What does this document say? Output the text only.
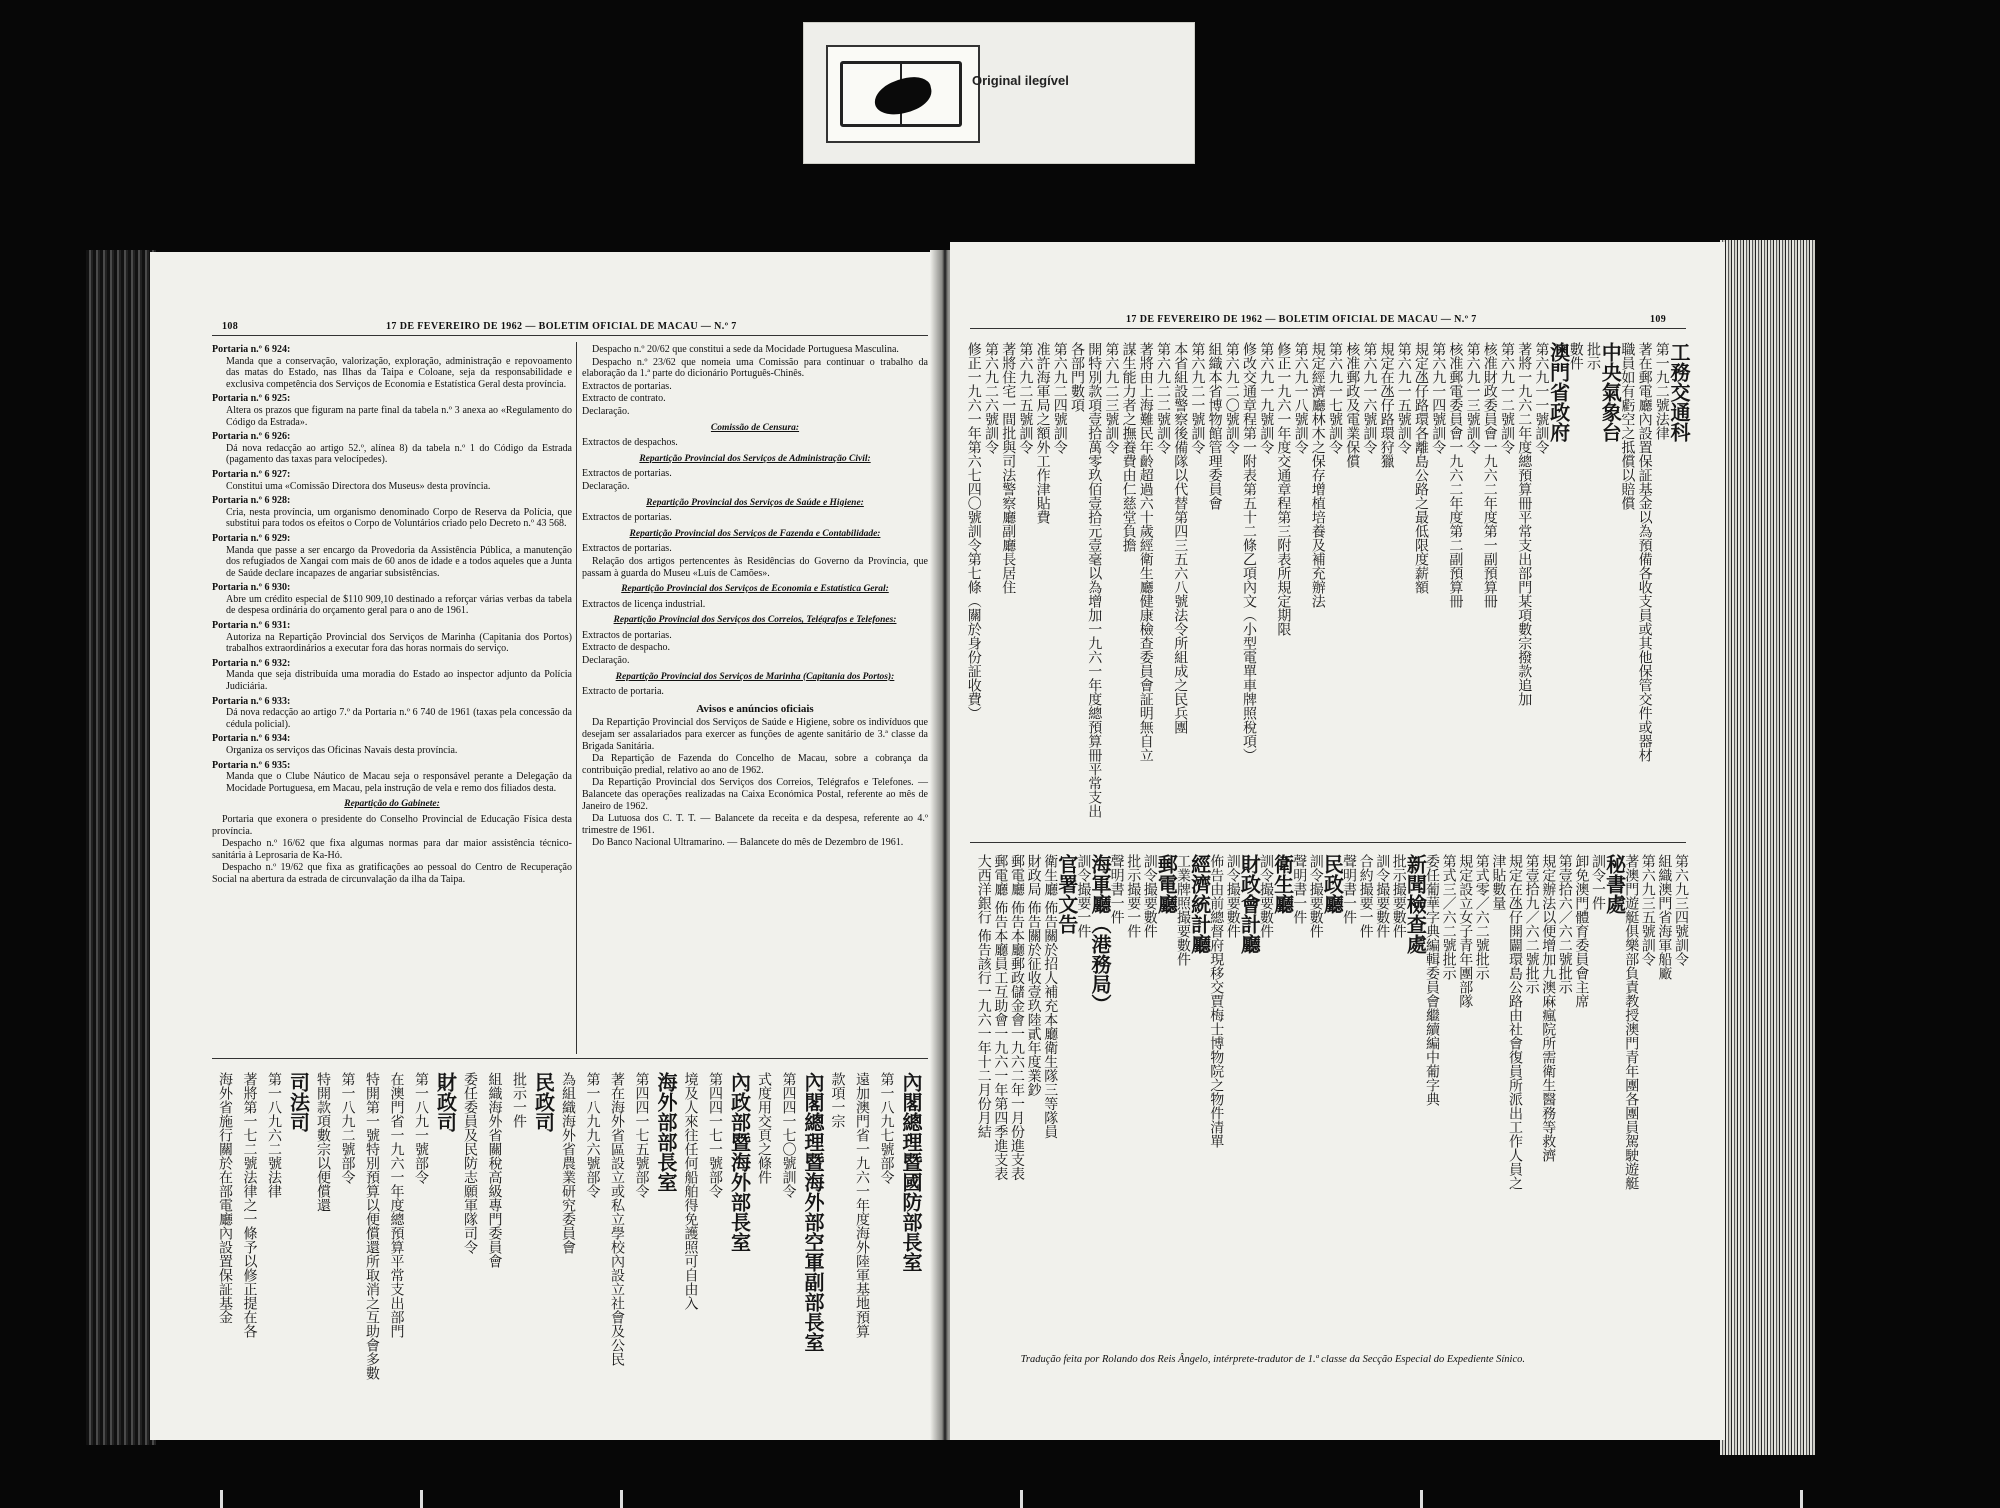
Original ilegível
108	17 DE FEVEREIRO DE 1962 — BOLETIM OFICIAL DE MACAU — N.º 7
Portaria n.º 6 924:
Manda que a conservação, valorização, exploração, administração e repovoamento das matas do Estado, nas Ilhas da Taipa e Coloane, seja da responsabilidade e exclusiva competência dos Serviços de Economia e Estatística Geral desta província.
Portaria n.º 6 925:
Altera os prazos que figuram na parte final da tabela n.º 3 anexa ao «Regulamento do Código da Estrada».
Portaria n.º 6 926:
Dá nova redacção ao artigo 52.º, alínea 8) da tabela n.º 1 do Código da Estrada (pagamento das taxas para velocípedes).
Portaria n.º 6 927:
Constitui uma «Comissão Directora dos Museus» desta província.
Portaria n.º 6 928:
Cria, nesta província, um organismo denominado Corpo de Reserva da Polícia, que substitui para todos os efeitos o Corpo de Voluntários criado pelo Decreto n.º 43 568.
Portaria n.º 6 929:
Manda que passe a ser encargo da Provedoria da Assistência Pública, a manutenção dos refugiados de Xangai com mais de 60 anos de idade e a todos aqueles que a Junta de Saúde declare incapazes de angariar subsistências.
Portaria n.º 6 930:
Abre um crédito especial de $110 909,10 destinado a reforçar várias verbas da tabela de despesa ordinária do orçamento geral para o ano de 1961.
Portaria n.º 6 931:
Autoriza na Repartição Provincial dos Serviços de Marinha (Capitania dos Portos) trabalhos extraordinários a executar fora das horas normais do serviço.
Portaria n.º 6 932:
Manda que seja distribuída uma moradia do Estado ao inspector adjunto da Polícia Judiciária.
Portaria n.º 6 933:
Dá nova redacção ao artigo 7.º da Portaria n.º 6 740 de 1961 (taxas pela concessão da cédula policial).
Portaria n.º 6 934:
Organiza os serviços das Oficinas Navais desta província.
Portaria n.º 6 935:
Manda que o Clube Náutico de Macau seja o responsável perante a Delegação da Mocidade Portuguesa, em Macau, pela instrução de vela e remo dos filiados desta.
Repartição do Gabinete:
Portaria que exonera o presidente do Conselho Provincial de Educação Física desta província.
Despacho n.º 16/62 que fixa algumas normas para dar maior assistência técnico-sanitária à Leprosaria de Ka-Hó.
Despacho n.º 19/62 que fixa as gratificações ao pessoal do Centro de Recuperação Social na abertura da estrada de circunvalação da ilha da Taipa.
Despacho n.º 20/62 que constitui a sede da Mocidade Portuguesa Masculina.
Despacho n.º 23/62 que nomeia uma Comissão para continuar o trabalho da elaboração da 1.ª parte do dicionário Português-Chinês.
Extractos de portarias.
Extracto de contrato.
Declaração.
Comissão de Censura:
Extractos de despachos.
Repartição Provincial dos Serviços de Administração Civil:
Extractos de portarias.
Declaração.
Repartição Provincial dos Serviços de Saúde e Higiene:
Extractos de portarias.
Repartição Provincial dos Serviços de Fazenda e Contabilidade:
Extractos de portarias.
Relação dos artigos pertencentes às Residências do Governo da Província, que passam à guarda do Museu «Luís de Camões».
Repartição Provincial dos Serviços de Economia e Estatística Geral:
Extractos de licença industrial.
Repartição Provincial dos Serviços dos Correios, Telégrafos e Telefones:
Extractos de portarias.
Extracto de despacho.
Declaração.
Repartição Provincial dos Serviços de Marinha (Capitania dos Portos):
Extracto de portaria.
Avisos e anúncios oficiais
Da Repartição Provincial dos Serviços de Saúde e Higiene, sobre os indivíduos que desejam ser assalariados para exercer as funções de agente sanitário de 3.ª classe da Brigada Sanitária.
Da Repartição de Fazenda do Concelho de Macau, sobre a cobrança da contribuição predial, relativo ao ano de 1962.
Da Repartição Provincial dos Serviços dos Correios, Telégrafos e Telefones. — Balancete das operações realizadas na Caixa Económica Postal, referente ao mês de Janeiro de 1962.
Da Lutuosa dos C. T. T. — Balancete da receita e da despesa, referente ao 4.º trimestre de 1961.
Do Banco Nacional Ultramarino. — Balancete do mês de Dezembro de 1961.
內閣總理暨國防部長室
第一八九七號部令
遠加澳門省一九六一年度海外陸軍基地預算
款項一宗
內閣總理暨海外部空軍副部長室
第四四一七〇號訓令
式度用交頁之條件
內政部暨海外部長室
第四四一七一號部令
境及人來往任何船舶得免護照可自由入
海外部部長室
第四四一七五號部令
著在海外省區設立或私立學校內設立社會及公民
第一八九九六號部令
為組織海外省農業研究委員會
民政司
批示一件
組織海外省關稅高級專門委員會
委任委員及民防志願軍隊司令
財政司
第一八九一號部令
在澳門省一九六一年度總預算平常支出部門
特開第一號特別預算以便償還所取消之互助會多數
第一八九二號部令
特開款項數宗以便償還
司法司
第一八九六二號法律
著將第一七二號法律之一條予以修正提在各
海外省施行關於在部電廳內設置保証基金
17 DE FEVEREIRO DE 1962 — BOLETIM OFICIAL DE MACAU — N.º 7	109
工務交通科
第一九二號法律
著在郵電廳內設置保証基金以為預備各收支員或其他保管交件或器材
職員如有虧空之抵償以賠償
中央氣象台
批示
數件
澳門省政府
第六九一一號訓令
著將一九六二年度總預算冊平常支出部門某項數宗撥款追加
第六九一二號訓令
核准財政委員會一九六二年度第一副預算冊
第六九一三號訓令
核准郵電委員會一九六二年度第二副預算冊
第六九一四號訓令
規定氹仔路環各離島公路之最低限度薪額
第六九一五號訓令
規定在氹仔路環狩獵
第六九一六號訓令
核准郵政及電業保償
第六九一七號訓令
規定經濟廳林木之保存增植培養及補充辦法
第六九一八號訓令
修正一九六一年度交通章程第三附表所規定期限
第六九一九號訓令
修改交通章程第一附表第五十二條乙項內文（小型電單車牌照稅項）
第六九二〇號訓令
組織本省博物館管理委員會
第六九二一號訓令
本省組設警察後備隊以代替第四三五六八號法令所組成之民兵團
第六九二二號訓令
著將由上海難民年齡超過六十歲經衛生廳健康檢查委員會証明無自立
謀生能力者之撫養費由仁慈堂負擔
第六九二三號訓令
開特別款項壹拾萬零玖佰壹拾元壹毫以為增加一九六一年度總預算冊平常支出
各部門數項
第六九二四號訓令
准許海軍局之額外工作津貼費
第六九二五號訓令
著將住宅一間批與司法警察廳副廳長居住
第六九二六號訓令
修正一九六一年第六七四〇號訓令第七條（關於身份証收費）
第六九三四號訓令
組織澳門省海軍船廠
第六九三五號訓令
著澳門遊艇俱樂部負責教授澳門青年團各團員駕駛遊艇
秘書處
訓令一件
卸免澳門體育委員會主席
第壹拾六／六二號批示
規定辦法以便增加九澳麻瘋院所需衛生醫務等救濟
第壹拾九／六二號批示
規定在氹仔開闢環島公路由社會復員所派出工作人員之
津貼數量
第式零／六二號批示
規定設立女子青年團部隊
第式三／六二號批示
委任葡華字典編輯委員會繼續編中葡字典
新聞檢查處
批示撮要數件
訓令撮要數件
合約撮要一件
聲明書一件
民政廳
訓令撮要數件
聲明書一件
衛生廳
訓令撮要數件
財政會計廳
訓令撮要數件
佈告由前總督府現移交賈梅士博物院之物件清單
經濟統計廳
工業牌照撮要數件
郵電廳
訓令撮要數件
批示撮要一件
聲明書一件
海軍廳（港務局）
訓令撮要一件
官署文告
衛生廳 佈告關於招人補充本廳衛生隊三等隊員
財政局 佈告關於征收壹玖陸貳年度業鈔
郵電廳 佈告本廳郵政儲金會一九六二年一月份進支表
郵電廳 佈告本廳員工互助會一九六一年第四季進支表
大西洋銀行 佈告該行一九六一年十二月份月結
Tradução feita por Rolando dos Reis Ângelo, intérprete-tradutor de 1.ª classe da Secção Especial do Expediente Sínico.
